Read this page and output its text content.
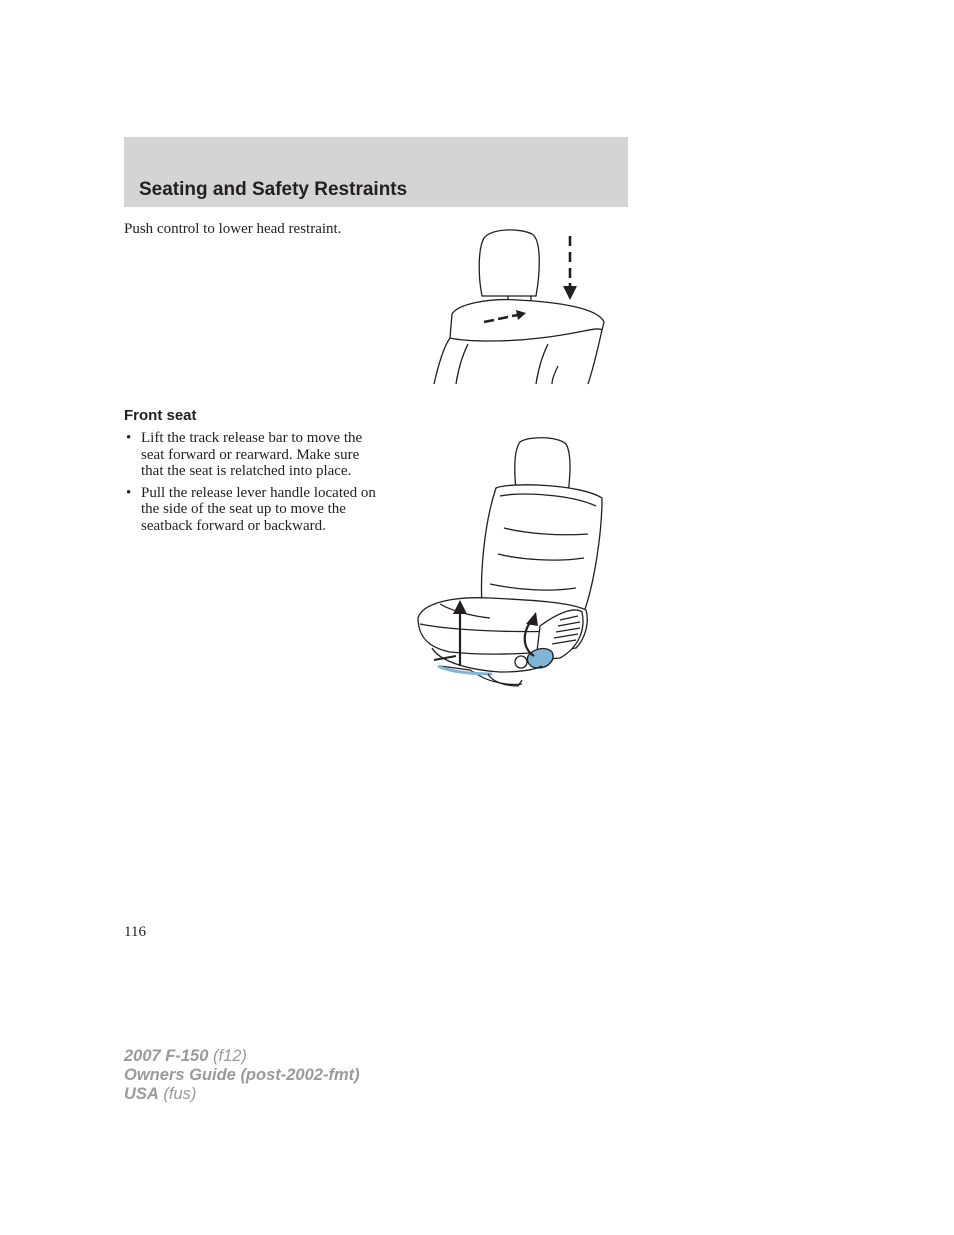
Seating and Safety Restraints

Push control to lower head restraint.

Front seat
• Lift the track release bar to move the seat forward or rearward. Make sure that the seat is relatched into place.
• Pull the release lever handle located on the side of the seat up to move the seatback forward or backward.

116

2007 F-150 (f12)
Owners Guide (post-2002-fmt)
USA (fus)
